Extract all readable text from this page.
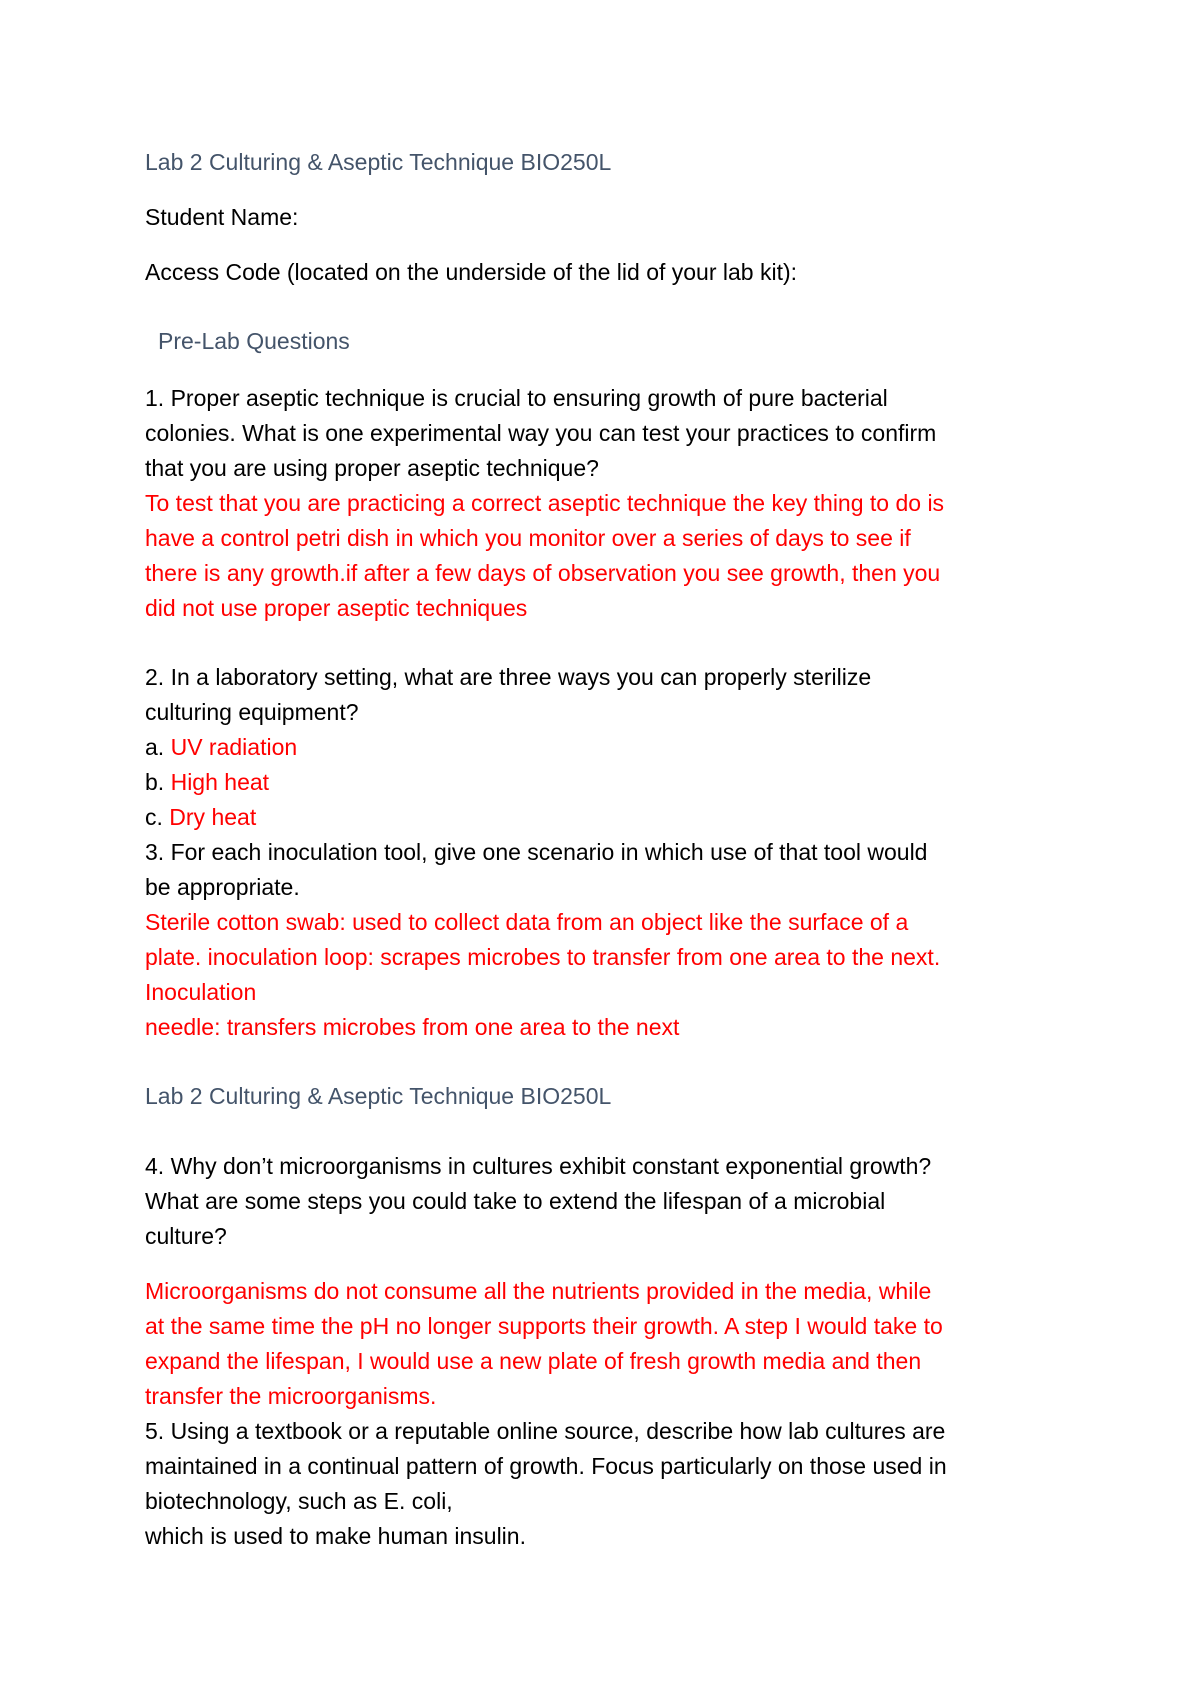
Lab 2 Culturing & Aseptic Technique BIO250L
Student Name:
Access Code (located on the underside of the lid of your lab kit):
Pre-Lab Questions
1. Proper aseptic technique is crucial to ensuring growth of pure bacterial
colonies. What is one experimental way you can test your practices to confirm
that you are using proper aseptic technique?
To test that you are practicing a correct aseptic technique the key thing to do is
have a control petri dish in which you monitor over a series of days to see if
there is any growth.if after a few days of observation you see growth, then you
did not use proper aseptic techniques
2. In a laboratory setting, what are three ways you can properly sterilize
culturing equipment?
a. UV radiation
b. High heat
c. Dry heat
3. For each inoculation tool, give one scenario in which use of that tool would
be appropriate.
Sterile cotton swab: used to collect data from an object like the surface of a
plate. inoculation loop: scrapes microbes to transfer from one area to the next.
Inoculation
needle: transfers microbes from one area to the next
Lab 2 Culturing & Aseptic Technique BIO250L
4. Why don’t microorganisms in cultures exhibit constant exponential growth?
What are some steps you could take to extend the lifespan of a microbial
culture?
Microorganisms do not consume all the nutrients provided in the media, while
at the same time the pH no longer supports their growth. A step I would take to
expand the lifespan, I would use a new plate of fresh growth media and then
transfer the microorganisms.
5. Using a textbook or a reputable online source, describe how lab cultures are
maintained in a continual pattern of growth. Focus particularly on those used in
biotechnology, such as E. coli,
which is used to make human insulin.
